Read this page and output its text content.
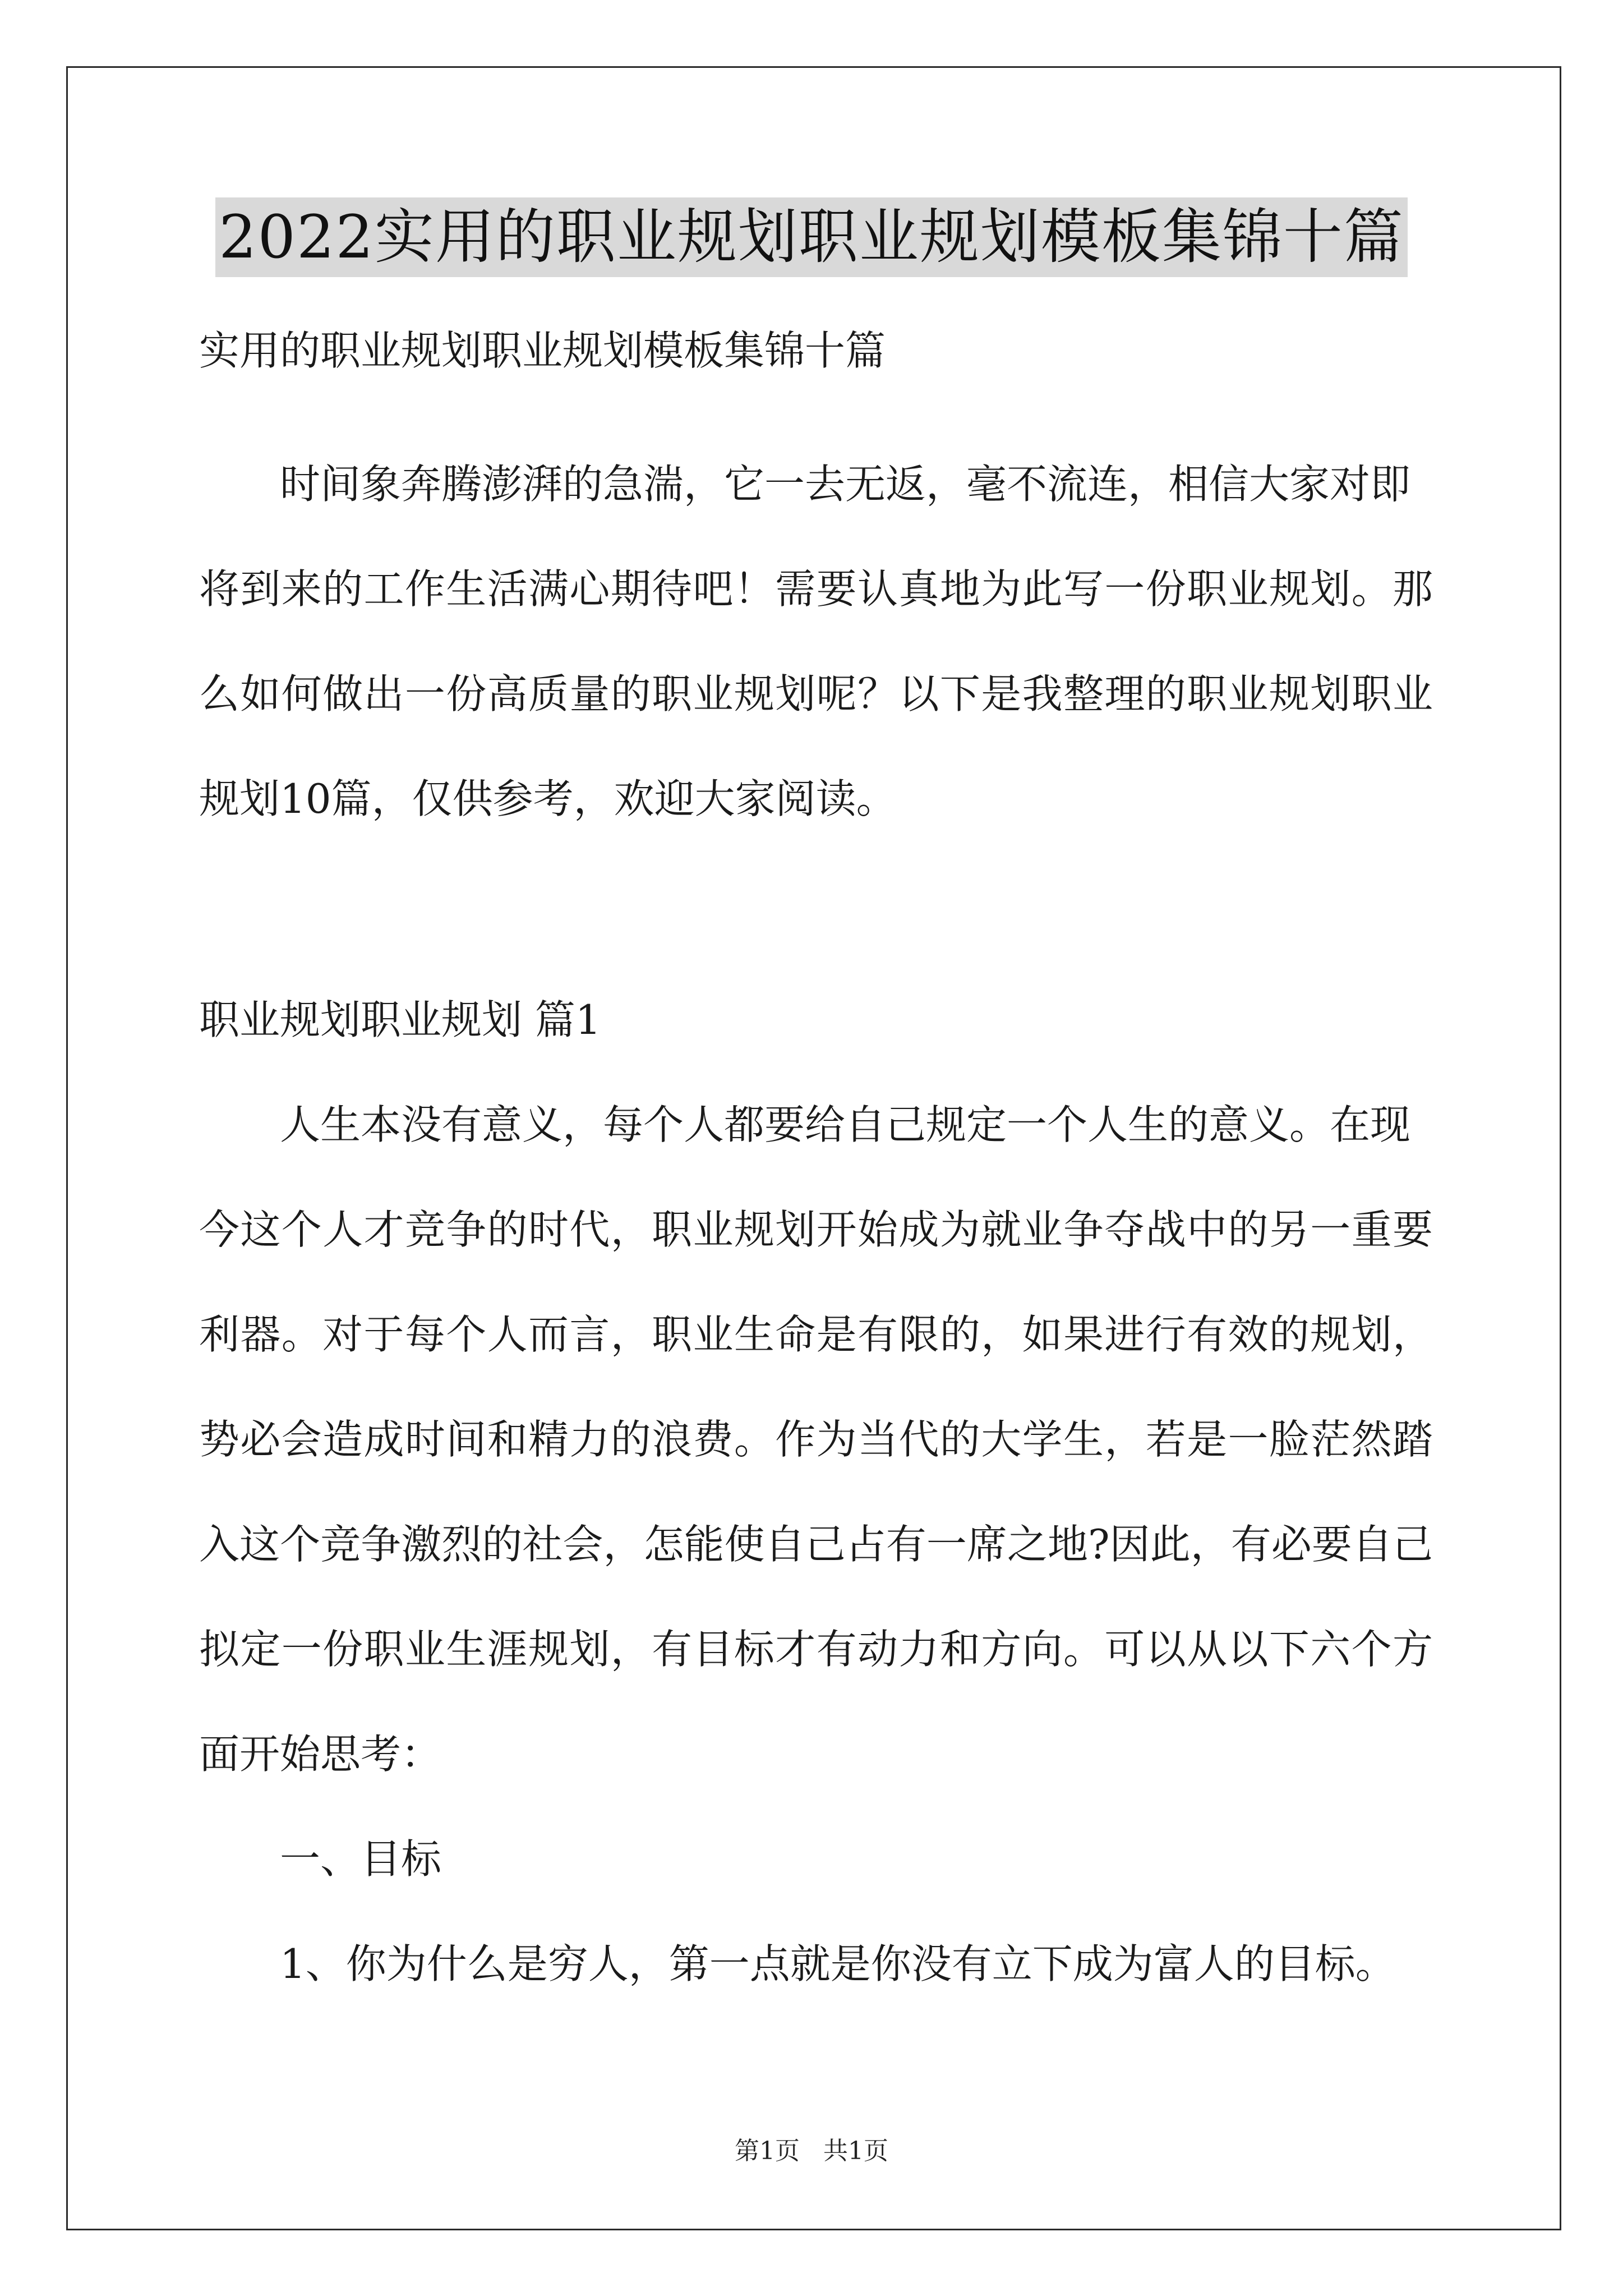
2022实用的职业规划职业规划模板集锦十篇
实用的职业规划职业规划模板集锦十篇
时间象奔腾澎湃的急湍，它一去无返，毫不流连，相信大家对即
将到来的工作生活满心期待吧！需要认真地为此写一份职业规划。那
么如何做出一份高质量的职业规划呢？以下是我整理的职业规划职业
规划10篇，仅供参考，欢迎大家阅读。
职业规划职业规划 篇1
人生本没有意义，每个人都要给自己规定一个人生的意义。在现
今这个人才竞争的时代，职业规划开始成为就业争夺战中的另一重要
利器。对于每个人而言，职业生命是有限的，如果进行有效的规划，
势必会造成时间和精力的浪费。作为当代的大学生，若是一脸茫然踏
入这个竞争激烈的社会，怎能使自己占有一席之地?因此，有必要自己
拟定一份职业生涯规划，有目标才有动力和方向。可以从以下六个方
面开始思考：
一、目标
1、你为什么是穷人，第一点就是你没有立下成为富人的目标。
第1页 共1页
